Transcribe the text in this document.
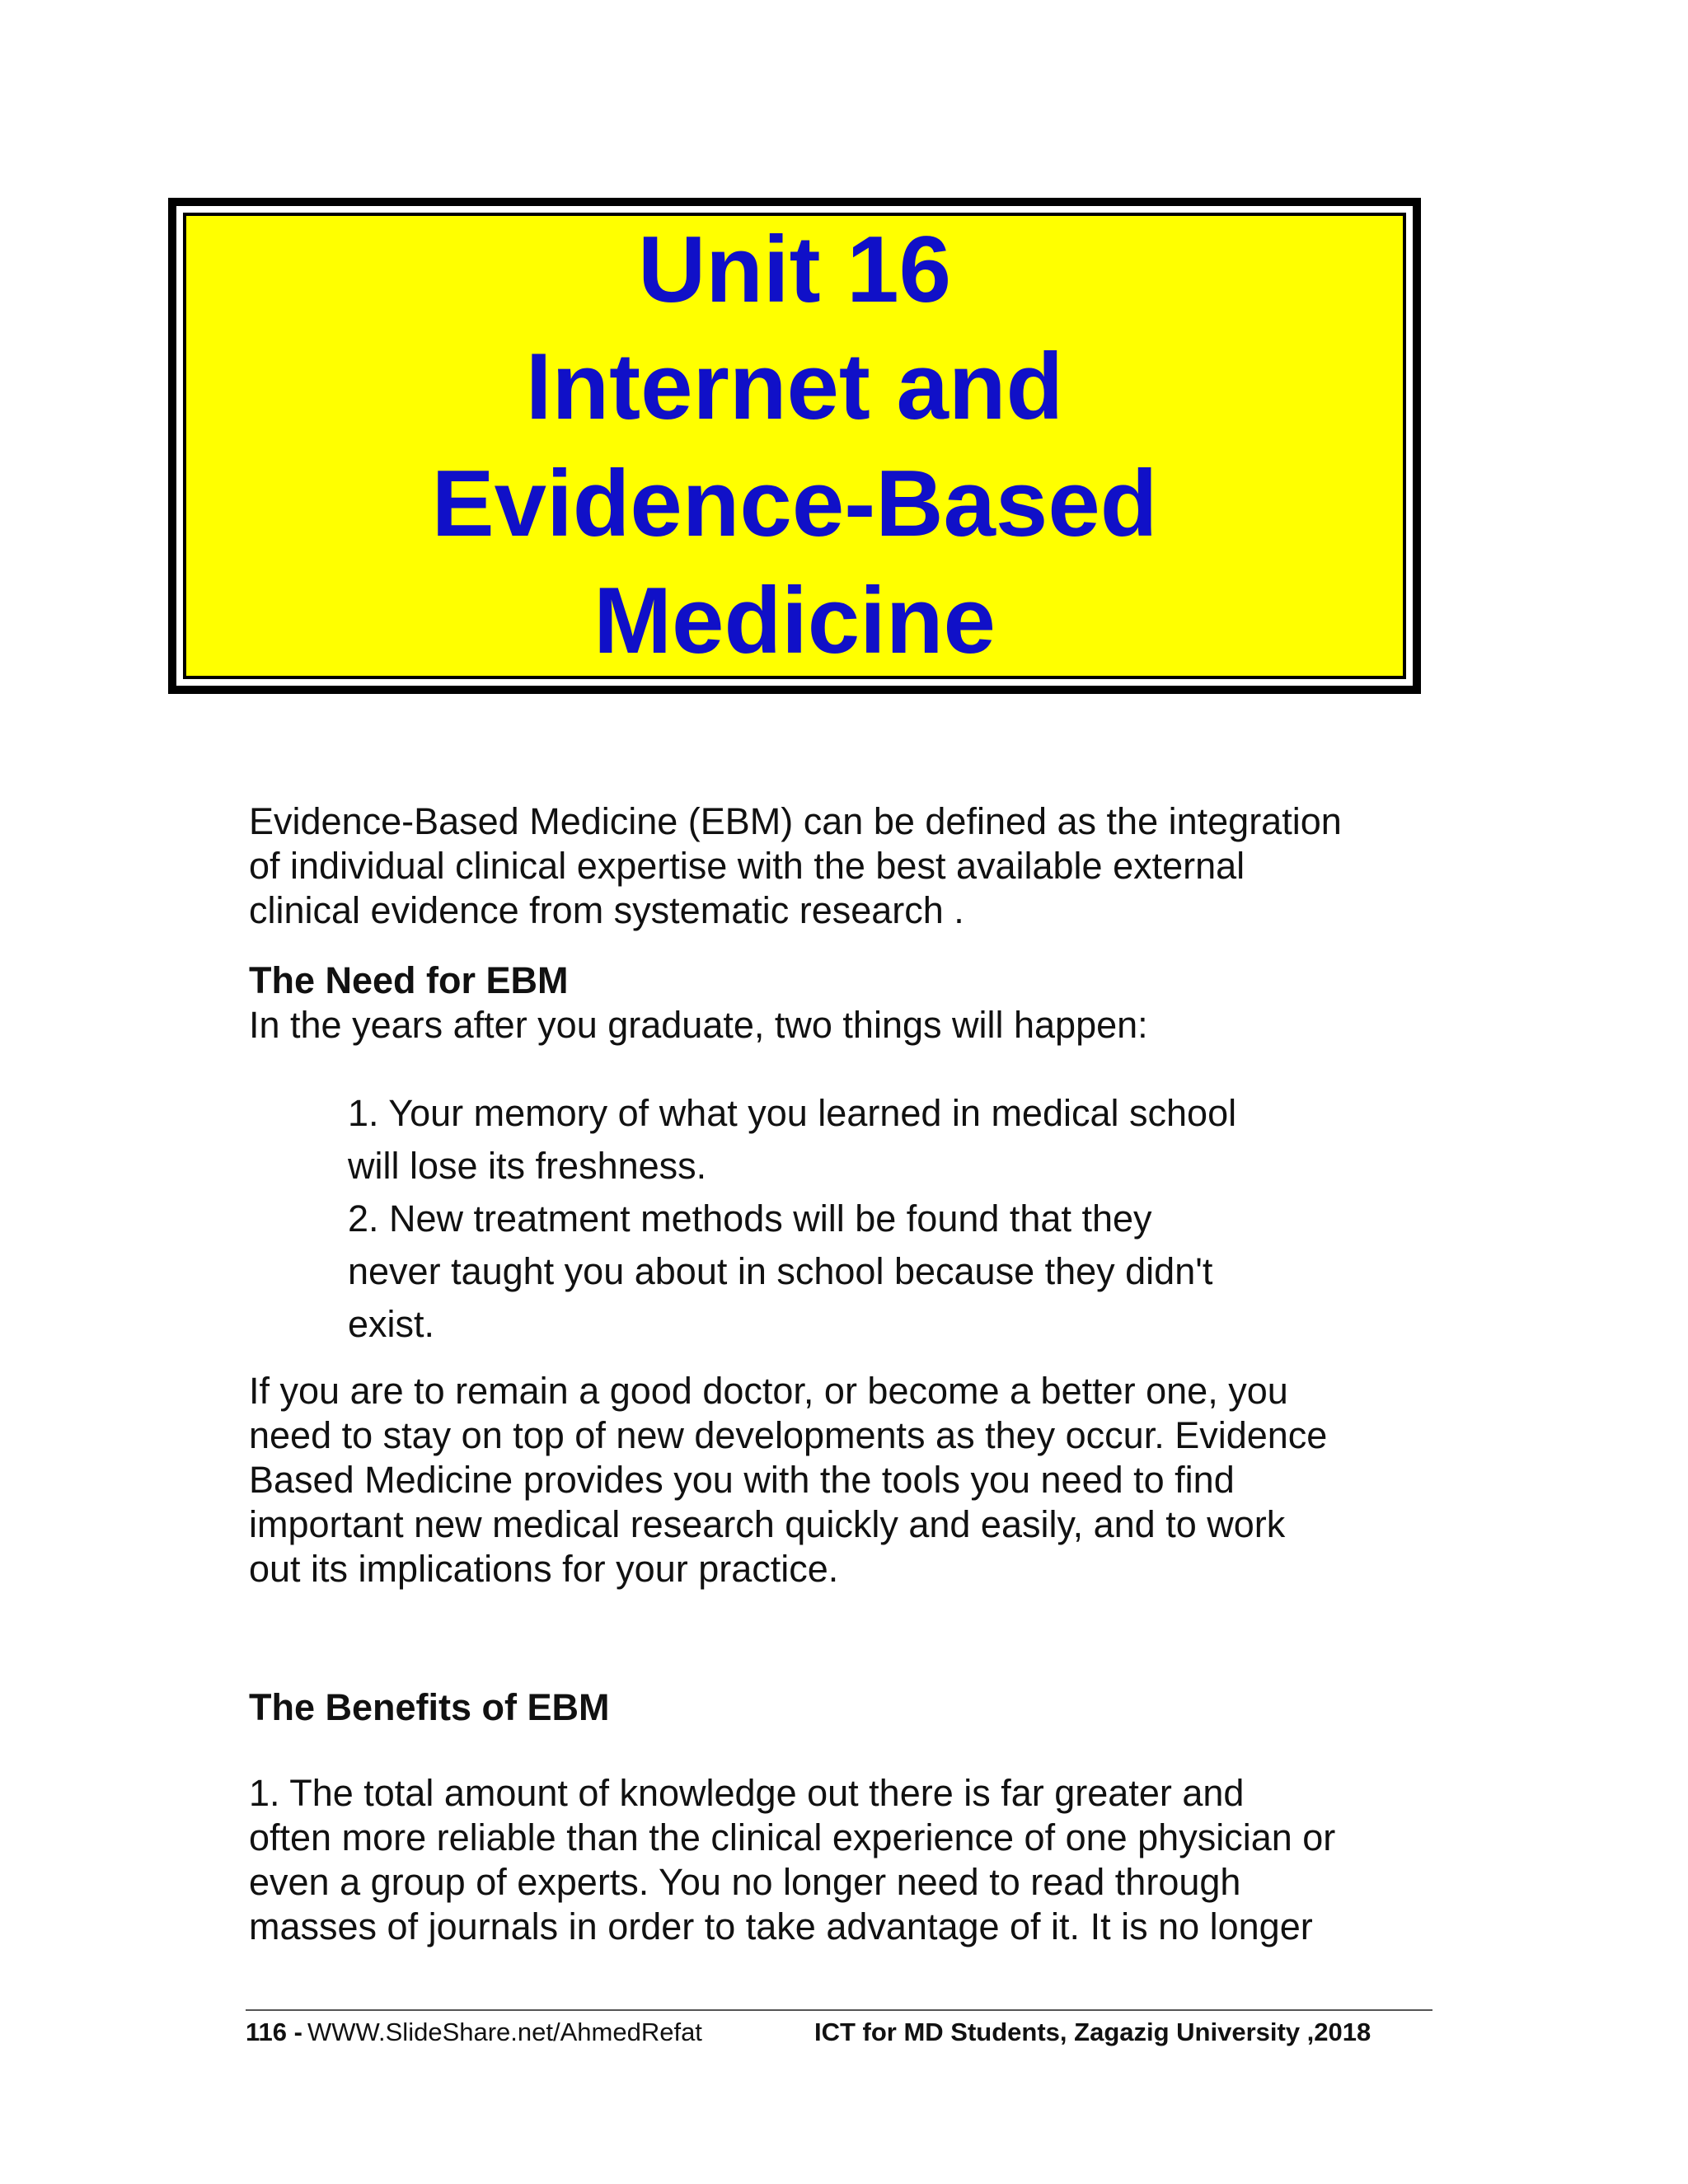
Unit 16
Internet and
Evidence-Based
Medicine

Evidence-Based Medicine (EBM) can be defined as the integration
of individual clinical expertise with the best available external
clinical evidence from systematic research .

The Need for EBM
In the years after you graduate, two things will happen:
1. Your memory of what you learned in medical school
will lose its freshness.
2. New treatment methods will be found that they
never taught you about in school because they didn't
exist.

If you are to remain a good doctor, or become a better one, you
need to stay on top of new developments as they occur. Evidence
Based Medicine provides you with the tools you need to find
important new medical research quickly and easily, and to work
out its implications for your practice.

The Benefits of EBM

1. The total amount of knowledge out there is far greater and
often more reliable than the clinical experience of one physician or
even a group of experts. You no longer need to read through
masses of journals in order to take advantage of it. It is no longer

116 - WWW.SlideShare.net/AhmedRefat	ICT for MD Students, Zagazig University ,2018
